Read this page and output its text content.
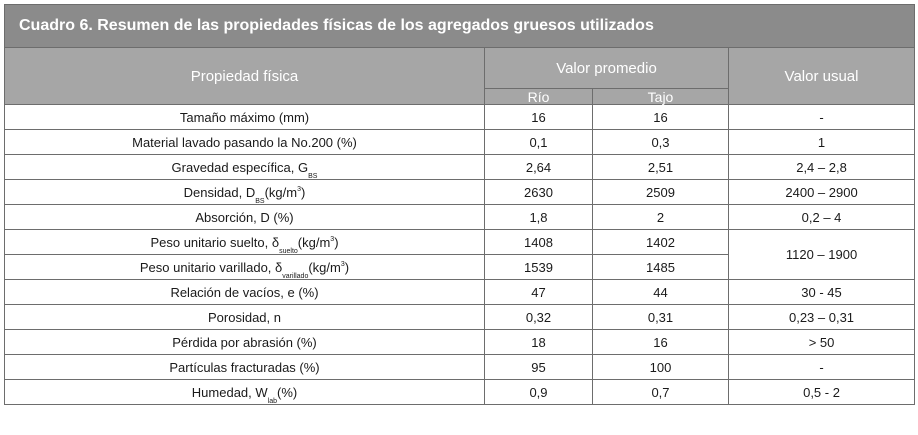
Cuadro 6. Resumen de las propiedades físicas de los agregados gruesos utilizados			
Propiedad física	Valor promedio		Valor usual
	Río	Tajo	
Tamaño máximo (mm)	16	16	-
Material lavado pasando la No.200 (%)	0,1	0,3	1
Gravedad específica, $G_{BS}$	2,64	2,51	2,4 – 2,8
Densidad, $D_{BS}(kg/m^3)$	2630	2509	2400 – 2900
Absorción, D (%)	1,8	2	0,2 – 4
Peso unitario suelto, $\delta_{suelto}(kg/m^3)$	1408	1402	1120 – 1900
Peso unitario varillado, $\delta_{varillado}(kg/m^3)$	1539	1485	
Relación de vacíos, e (%)	47	44	30 - 45
Porosidad, n	0,32	0,31	0,23 – 0,31
Pérdida por abrasión (%)	18	16	> 50
Partículas fracturadas (%)	95	100	-
Humedad, $W_{lab}(\%)$	0,9	0,7	0,5 - 2
